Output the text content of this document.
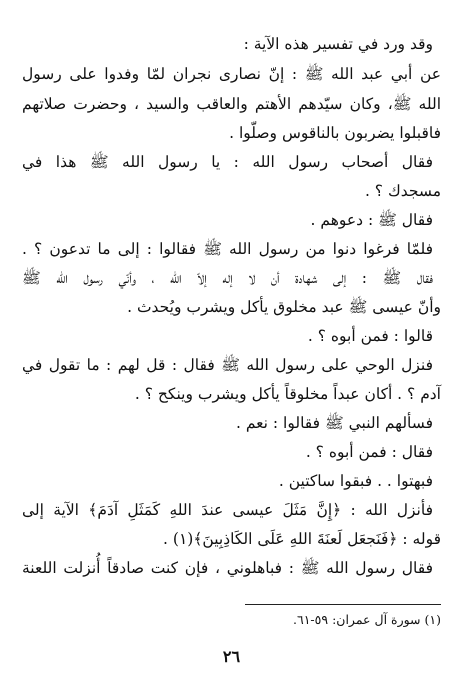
وقد ورد في تفسير هذه الآية :
عن أبي عبد الله ﷺ : إنّ نصارى نجران لمّا وفدوا على رسول
الله ﷺ، وكان سيّدهم الأهتم والعاقب والسيد ، وحضرت صلاتهم
فاقبلوا يضربون بالناقوس وصلّوا .
فقال أصحاب رسول الله : يا رسول الله ﷺ هذا في
مسجدك ؟ .
فقال ﷺ : دعوهم .
فلمّا فرغوا دنوا من رسول الله ﷺ فقالوا : إلى ما تدعون ؟ .
فقال ﷺ : إلى شهادة أن لا إله إلاّ الله ، وأنّي رسول الله ﷺ
وأنّ عيسى ﷺ عبد مخلوق يأكل ويشرب ويُحدث .
قالوا : فمن أبوه ؟ .
فنزل الوحي على رسول الله ﷺ فقال : قل لهم : ما تقول في
آدم ؟ . أكان عبداً مخلوقاً يأكل ويشرب وينكح ؟ .
فسألهم النبي ﷺ فقالوا : نعم .
فقال : فمن أبوه ؟ .
فبهتوا . . فبقوا ساكتين .
فأنزل الله : ﴿إِنَّ مَثَلَ عيسى عندَ اللهِ كَمَثَلِ آدَمَ﴾ الآية إلى
قوله : ﴿فَنَجعَل لَعنَةَ اللهِ عَلَى الكَاذِبِينَ﴾(١) .
فقال رسول الله ﷺ : فباهلوني ، فإن كنت صادقاً أُنزلت اللعنة
(١) سورة آل عمران: ٥٩-٦١.
٢٦
